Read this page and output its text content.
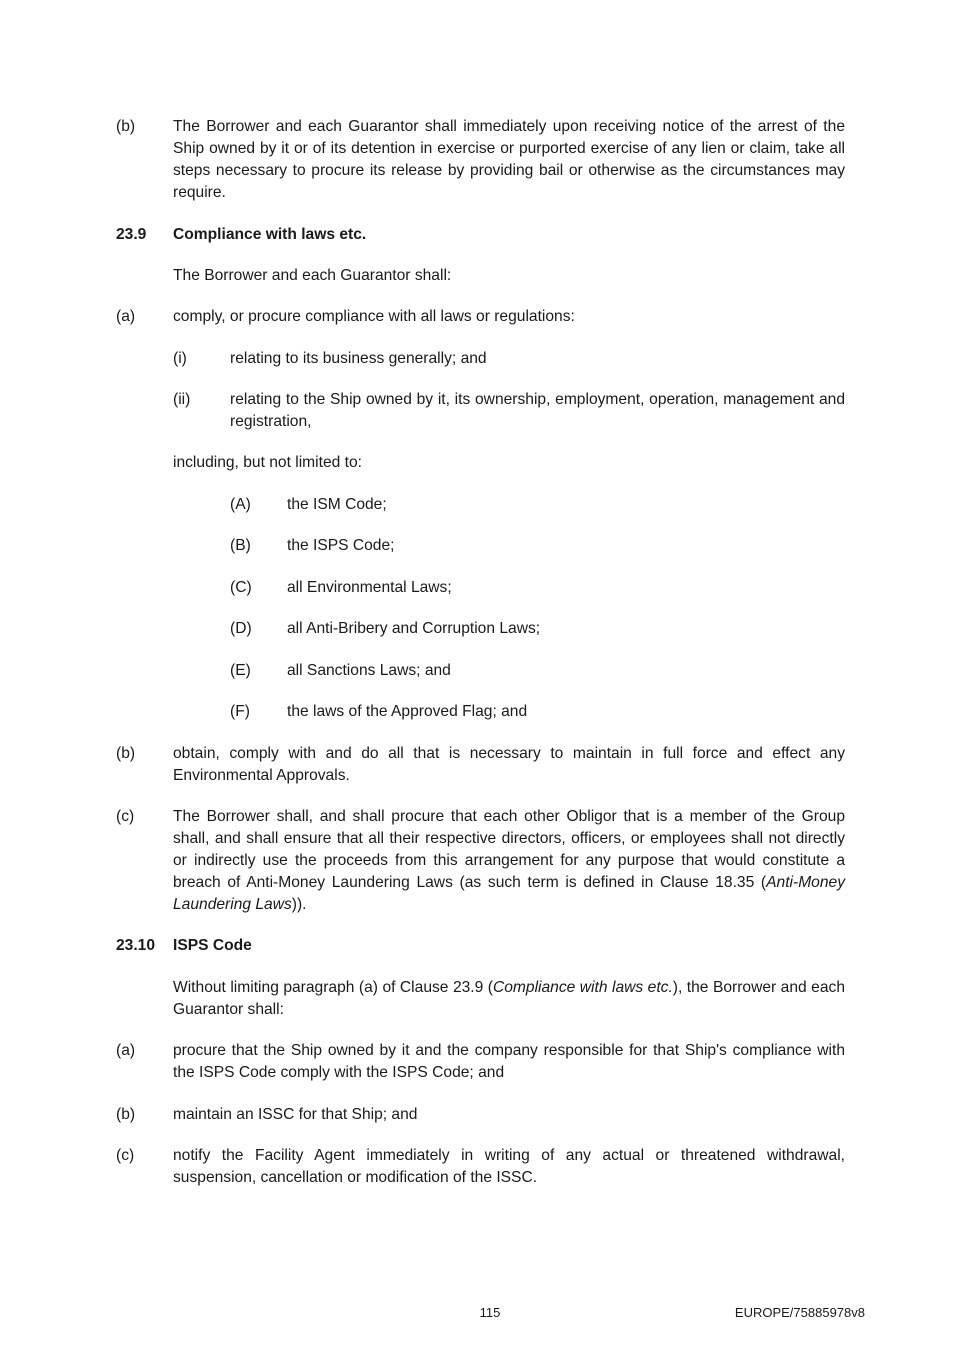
(b) The Borrower and each Guarantor shall immediately upon receiving notice of the arrest of the Ship owned by it or of its detention in exercise or purported exercise of any lien or claim, take all steps necessary to procure its release by providing bail or otherwise as the circumstances may require.
23.9 Compliance with laws etc.
The Borrower and each Guarantor shall:
(a) comply, or procure compliance with all laws or regulations:
(i)	relating to its business generally; and
(ii)	relating to the Ship owned by it, its ownership, employment, operation, management and registration,
including, but not limited to:
(A) the ISM Code;
(B) the ISPS Code;
(C) all Environmental Laws;
(D) all Anti-Bribery and Corruption Laws;
(E) all Sanctions Laws; and
(F) the laws of the Approved Flag; and
(b) obtain, comply with and do all that is necessary to maintain in full force and effect any Environmental Approvals.
(c) The Borrower shall, and shall procure that each other Obligor that is a member of the Group shall, and shall ensure that all their respective directors, officers, or employees shall not directly or indirectly use the proceeds from this arrangement for any purpose that would constitute a breach of Anti-Money Laundering Laws (as such term is defined in Clause 18.35 (Anti-Money Laundering Laws)).
23.10 ISPS Code
Without limiting paragraph (a) of Clause 23.9 (Compliance with laws etc.), the Borrower and each Guarantor shall:
(a) procure that the Ship owned by it and the company responsible for that Ship's compliance with the ISPS Code comply with the ISPS Code; and
(b) maintain an ISSC for that Ship; and
(c) notify the Facility Agent immediately in writing of any actual or threatened withdrawal, suspension, cancellation or modification of the ISSC.
115	EUROPE/75885978v8
